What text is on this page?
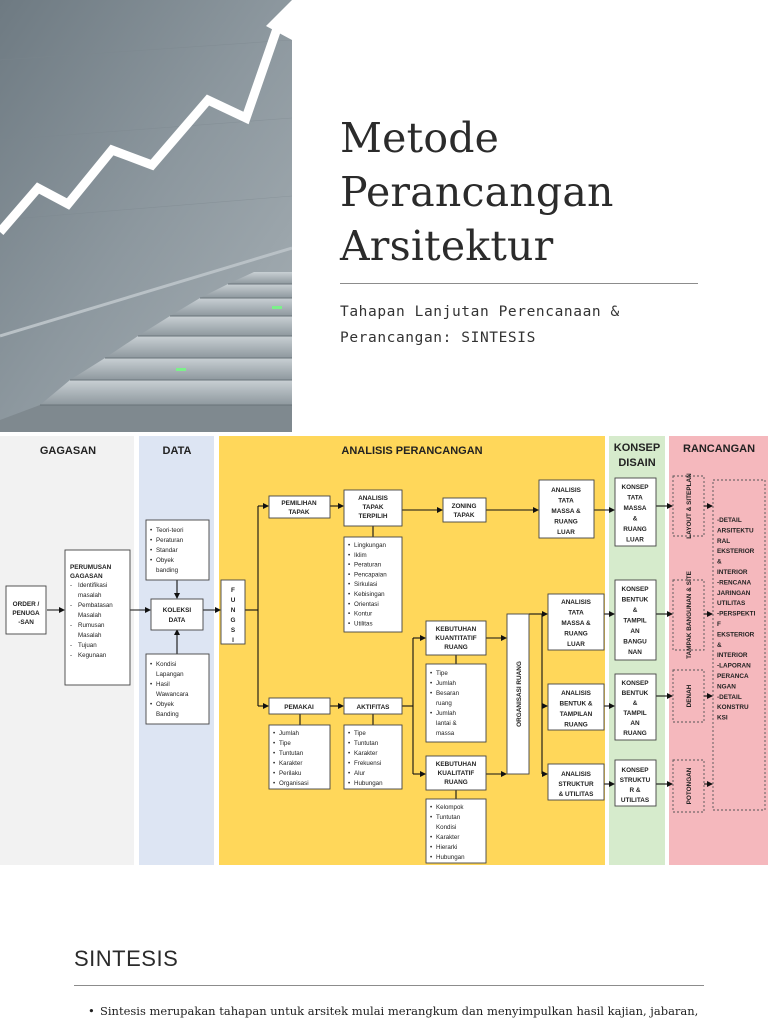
Metode
Perancangan
Arsitektur
Tahapan Lanjutan Perencanaan &
Perancangan: SINTESIS
GAGASAN	DATA	ANALISIS PERANCANGAN	KONSEP
DISAIN
RANCANGAN
ORDER /
PENUGA
-SAN
PERUMUSAN
GAGASAN
- Identifikasi
masalah
- Pembatasan
Masalah
- Rumusan
Masalah
- Tujuan
- Kegunaan
• Teori-teori
• Peraturan
• Standar
• Obyek
banding
KOLEKSI
DATA
• Kondisi
Lapangan
• Hasil
Wawancara
• Obyek
Banding
F
U
N
G
S
I
PEMILIHAN
TAPAK
ANALISIS
TAPAK
TERPILIH
• Lingkungan
• Iklim
• Peraturan
• Pencapaian
• Sirkulasi
• Kebisingan
• Orientasi
• Kontur
• Utilitas
ZONING
TAPAK
ANALISIS
TATA
MASSA &
RUANG
LUAR
KEBUTUHAN
KUANTITATIF
RUANG
• Tipe
• Jumlah
• Besaran
ruang
• Jumlah
lantai &
massa
PEMAKAI
• Jumlah
• Tipe
• Tuntutan
• Karakter
• Perilaku
• Organisasi
AKTIFITAS
• Tipe
• Tuntutan
• Karakter
• Frekuensi
• Alur
• Hubungan
KEBUTUHAN
KUALITATIF
RUANG
• Kelompok
• Tuntutan
Kondisi
• Karakter
• Hierarki
• Hubungan
ORGANISASI RUANG
ANALISIS
TATA
MASSA &
RUANG
LUAR
ANALISIS
BENTUK &
TAMPILAN
RUANG
ANALISIS
STRUKTUR
& UTILITAS
KONSEP
TATA
MASSA
&
RUANG
LUAR
KONSEP
BENTUK
&
TAMPIL
AN
BANGU
NAN
KONSEP
BENTUK
&
TAMPIL
AN
RUANG
KONSEP
STRUKTU
R &
UTILITAS
LAYOUT & SITEPLAN
TAMPAK BANGUNAN & SITE
DENAH
POTONGAN
-DETAIL
ARSITEKTU
RAL
EKSTERIOR
&
INTERIOR
-RENCANA
JARINGAN
UTILITAS
-PERSPEKTI
F
EKSTERIOR
&
INTERIOR
-LAPORAN
PERANCA
NGAN
-DETAIL
KONSTRU
KSI
SINTESIS
• Sintesis merupakan tahapan untuk arsitek mulai merangkum dan menyimpulkan hasil kajian, jabaran,
